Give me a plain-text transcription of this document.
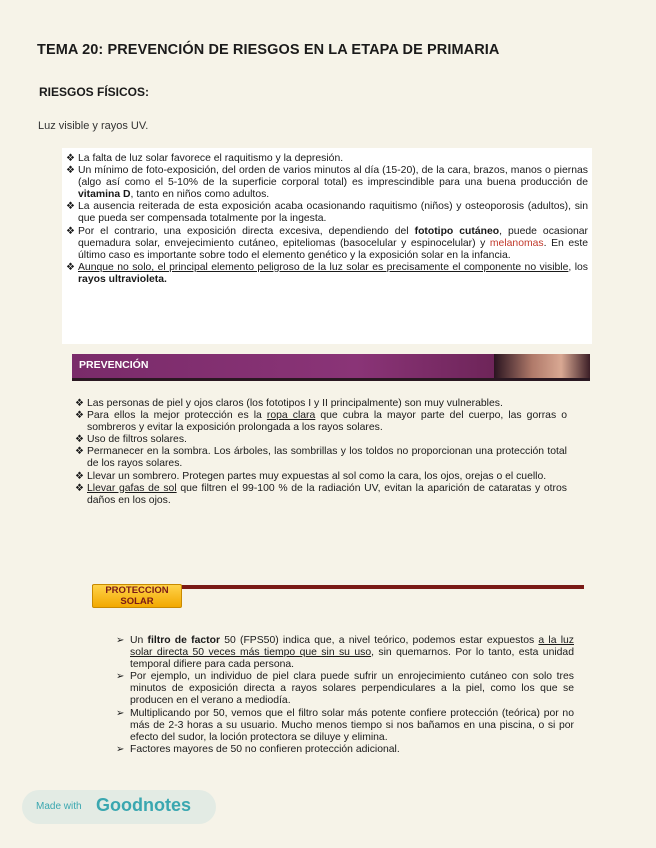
TEMA 20: PREVENCIÓN DE RIESGOS EN LA ETAPA DE PRIMARIA
RIESGOS FÍSICOS:
Luz visible y rayos UV.
❖ La falta de luz solar favorece el raquitismo y la depresión.
❖ Un mínimo de foto-exposición, del orden de varios minutos al día (15-20), de la cara, brazos, manos o piernas (algo así como el 5-10% de la superficie corporal total) es imprescindible para una buena producción de vitamina D, tanto en niños como adultos.
❖ La ausencia reiterada de esta exposición acaba ocasionando raquitismo (niños) y osteoporosis (adultos), sin que pueda ser compensada totalmente por la ingesta.
❖ Por el contrario, una exposición directa excesiva, dependiendo del fototipo cutáneo, puede ocasionar quemadura solar, envejecimiento cutáneo, epiteliomas (basocelular y espinocelular) y melanomas. En este último caso es importante sobre todo el elemento genético y la exposición solar en la infancia.
❖ Aunque no solo, el principal elemento peligroso de la luz solar es precisamente el componente no visible, los rayos ultravioleta.
PREVENCIÓN
❖ Las personas de piel y ojos claros (los fototipos I y II principalmente) son muy vulnerables.
❖ Para ellos la mejor protección es la ropa clara que cubra la mayor parte del cuerpo, las gorras o sombreros y evitar la exposición prolongada a los rayos solares.
❖ Uso de filtros solares.
❖ Permanecer en la sombra. Los árboles, las sombrillas y los toldos no proporcionan una protección total de los rayos solares.
❖ Llevar un sombrero. Protegen partes muy expuestas al sol como la cara, los ojos, orejas o el cuello.
❖ Llevar gafas de sol que filtren el 99-100 % de la radiación UV, evitan la aparición de cataratas y otros daños en los ojos.
PROTECCION
SOLAR
➢ Un filtro de factor 50 (FPS50) indica que, a nivel teórico, podemos estar expuestos a la luz solar directa 50 veces más tiempo que sin su uso, sin quemarnos. Por lo tanto, esta unidad temporal difiere para cada persona.
➢ Por ejemplo, un individuo de piel clara puede sufrir un enrojecimiento cutáneo con solo tres minutos de exposición directa a rayos solares perpendiculares a la piel, como los que se producen en el verano a mediodía.
➢ Multiplicando por 50, vemos que el filtro solar más potente confiere protección (teórica) por no más de 2-3 horas a su usuario. Mucho menos tiempo si nos bañamos en una piscina, o si por efecto del sudor, la loción protectora se diluye y elimina.
➢ Factores mayores de 50 no confieren protección adicional.
Made with Goodnotes
